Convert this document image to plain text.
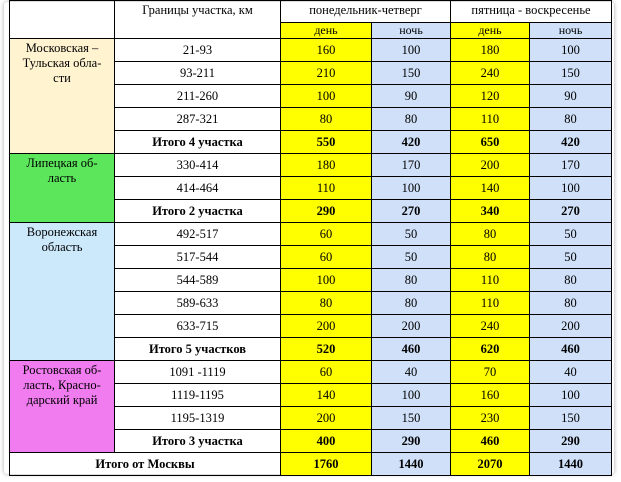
	Границы участка, км	понедельник-четверг		пятница - воскресенье	
		день	ночь	день	ночь
Московская –
Тульская обла-
сти	21-93	160	100	180	100
	93-211	210	150	240	150
	211-260	100	90	120	90
	287-321	80	80	110	80
	Итого 4 участка	550	420	650	420
Липецкая об-
ласть	330-414	180	170	200	170
	414-464	110	100	140	100
	Итого 2 участка	290	270	340	270
Воронежская
область	492-517	60	50	80	50
	517-544	60	50	80	50
	544-589	100	80	110	80
	589-633	80	80	110	80
	633-715	200	200	240	200
	Итого 5 участков	520	460	620	460
Ростовская об-
ласть, Красно-
дарский край	1091 -1119	60	40	70	40
	1119-1195	140	100	160	100
	1195-1319	200	150	230	150
	Итого 3 участка	400	290	460	290
Итого от Москвы		1760	1440	2070	1440
